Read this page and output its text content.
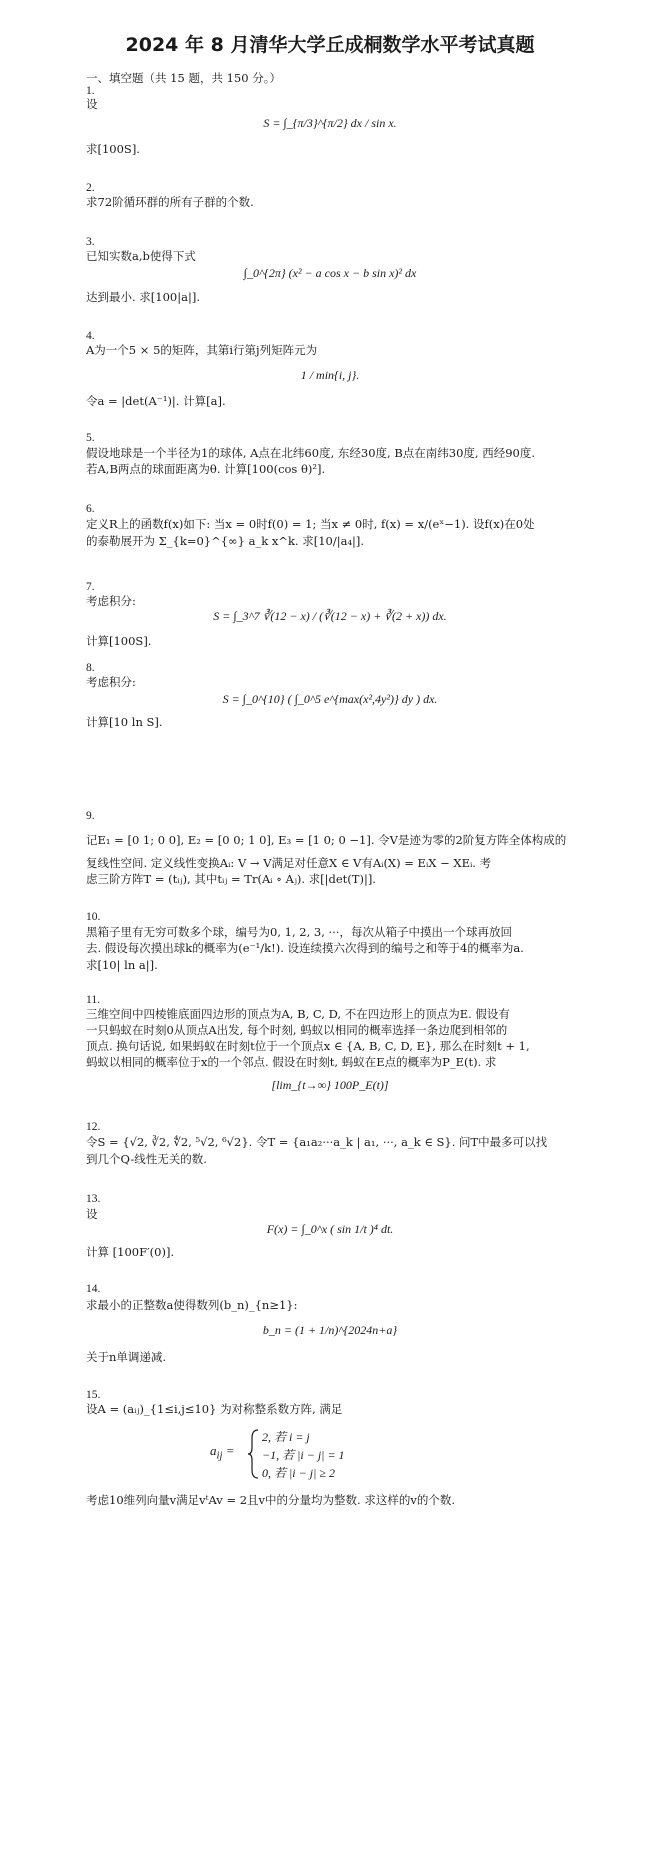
2024 年 8 月清华大学丘成桐数学水平考试真题
一、填空题（共 15 题，共 150 分。）
1.
设
S = ∫_{π/3}^{π/2} dx / sin x.
求[100S].
2.
求72阶循环群的所有子群的个数.
3.
已知实数a,b使得下式
∫_0^{2π} (x² − a cos x − b sin x)² dx
达到最小. 求[100|a|].
4.
A为一个5 × 5的矩阵，其第i行第j列矩阵元为
1 / min{i, j}.
令a = |det(A⁻¹)|. 计算[a].
5.
假设地球是一个半径为1的球体, A点在北纬60度, 东经30度, B点在南纬30度, 西经90度.
若A,B两点的球面距离为θ. 计算[100(cos θ)²].
6.
定义R上的函数f(x)如下: 当x = 0时f(0) = 1; 当x ≠ 0时, f(x) = x/(eˣ−1). 设f(x)在0处
的泰勒展开为 Σ_{k=0}^{∞} a_k x^k. 求[10/|a₄|].
7.
考虑积分:
S = ∫_3^7 ∛(12 − x) / (∛(12 − x) + ∛(2 + x)) dx.
计算[100S].
8.
考虑积分:
S = ∫_0^{10} ( ∫_0^5 e^{max(x²,4y²)} dy ) dx.
计算[10 ln S].
9.
记E₁ = [0 1; 0 0], E₂ = [0 0; 1 0], E₃ = [1 0; 0 −1]. 令V是迹为零的2阶复方阵全体构成的
复线性空间. 定义线性变换Aᵢ: V → V满足对任意X ∈ V有Aᵢ(X) = EᵢX − XEᵢ. 考
虑三阶方阵T = (tᵢⱼ), 其中tᵢⱼ = Tr(Aᵢ ∘ Aⱼ). 求[|det(T)|].
10.
黑箱子里有无穷可数多个球，编号为0, 1, 2, 3, ···，每次从箱子中摸出一个球再放回
去. 假设每次摸出球k的概率为(e⁻¹/k!). 设连续摸六次得到的编号之和等于4的概率为a.
求[10| ln a|].
11.
三维空间中四棱锥底面四边形的顶点为A, B, C, D, 不在四边形上的顶点为E. 假设有
一只蚂蚁在时刻0从顶点A出发, 每个时刻, 蚂蚁以相同的概率选择一条边爬到相邻的
顶点. 换句话说, 如果蚂蚁在时刻t位于一个顶点x ∈ {A, B, C, D, E}, 那么在时刻t + 1,
蚂蚁以相同的概率位于x的一个邻点. 假设在时刻t, 蚂蚁在E点的概率为P_E(t). 求
[lim_{t→∞} 100P_E(t)]
12.
令S = {√2, ∛2, ∜2, ⁵√2, ⁶√2}. 令T = {a₁a₂···a_k | a₁, ···, a_k ∈ S}. 问T中最多可以找
到几个Q-线性无关的数.
13.
设
F(x) = ∫_0^x ( sin 1/t )⁴ dt.
计算 [100F′(0)].
14.
求最小的正整数a使得数列(b_n)_{n≥1}:
b_n = (1 + 1/n)^{2024n+a}
关于n单调递减.
15.
设A = (aᵢⱼ)_{1≤i,j≤10} 为对称整系数方阵, 满足
$a_{ij}$ =
2, 若 i = j
−1, 若 |i − j| = 1
0, 若 |i − j| ≥ 2
考虑10维列向量v满足vᵗAv = 2且v中的分量均为整数. 求这样的v的个数.
